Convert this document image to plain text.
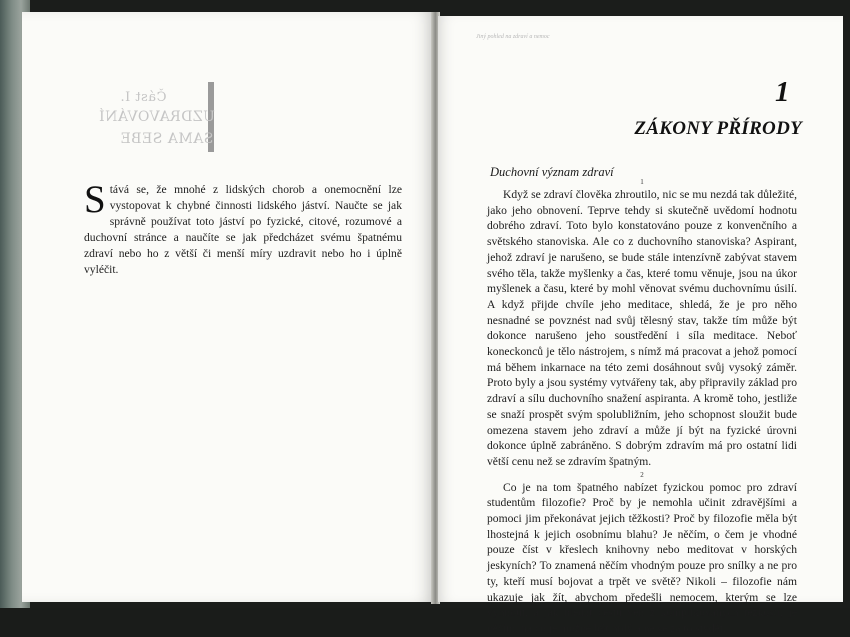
Část I.
UZDRAVOVÁNÍ
SAMA SEBE
Stává se, že mnohé z lidských chorob a onemocnění lze vystopovat k chybné činnosti lidského jáství. Naučte se jak správně používat toto jáství po fyzické, citové, rozumové a duchovní stránce a naučíte se jak předcházet svému špatnému zdraví nebo ho z větší či menší míry uzdravit nebo ho i úplně vyléčit.
Jiný pohled na zdraví a nemoc
1
ZÁKONY PŘÍRODY
Duchovní význam zdraví
1

Když se zdraví člověka zhroutilo, nic se mu nezdá tak důležité, jako jeho obnovení. Teprve tehdy si skutečně uvědomí hodnotu dobrého zdraví. Toto bylo konstatováno pouze z konvenčního a světského stanoviska. Ale co z duchovního stanoviska? Aspirant, jehož zdraví je narušeno, se bude stále intenzívně zabývat stavem svého těla, takže myšlenky a čas, které tomu věnuje, jsou na úkor myšlenek a času, které by mohl věnovat svému duchovnímu úsilí. A když přijde chvíle jeho meditace, shledá, že je pro něho nesnadné se povznést nad svůj tělesný stav, takže tím může být dokonce narušeno jeho soustředění i síla meditace. Neboť koneckonců je tělo nástrojem, s nímž má pracovat a jehož pomocí má během inkarnace na této zemi dosáhnout svůj vysoký záměr. Proto byly a jsou systémy vytvářeny tak, aby připravily základ pro zdraví a sílu duchovního snažení aspiranta. A kromě toho, jestliže se snaží prospět svým spolubližním, jeho schopnost sloužit bude omezena stavem jeho zdraví a může jí být na fyzické úrovni dokonce úplně zabráněno. S dobrým zdravím má pro ostatní lidi větší cenu než se zdravím špatným.

2

Co je na tom špatného nabízet fyzickou pomoc pro zdraví studentům filozofie? Proč by je nemohla učinit zdravějšími a pomoci jim překonávat jejich těžkosti? Proč by filozofie měla být lhostejná k jejich osobnímu blahu? Je něčím, o čem je vhodné pouze číst v křeslech knihovny nebo meditovat v horských jeskyních? To znamená něčím vhodným pouze pro snílky a ne pro ty, kteří musí bojovat a trpět ve světě? Nikoli – filozofie nám ukazuje jak žít, abychom předešli nemocem, kterým se lze vyhnout, a jak hledat cestu ven z komplikovaných těžkostí, je něčím, na co je možné být hrdý a ne se za to stydět.
